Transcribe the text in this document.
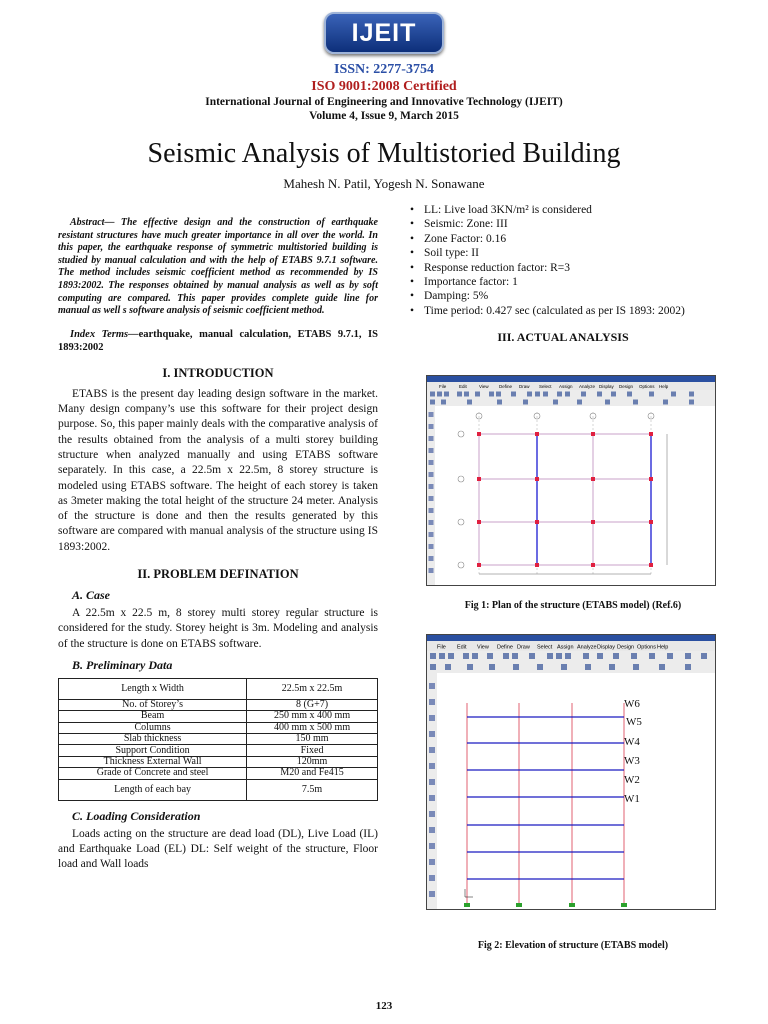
IJEIT
ISSN: 2277-3754
ISO 9001:2008 Certified
International Journal of Engineering and Innovative Technology (IJEIT)
Volume 4, Issue 9, March 2015
Seismic Analysis of Multistoried Building
Mahesh N. Patil, Yogesh N. Sonawane

Abstract— The effective design and the construction of earthquake resistant structures have much greater importance in all over the world. In this paper, the earthquake response of symmetric multistoried building is studied by manual calculation and with the help of ETABS 9.7.1 software. The method includes seismic coefficient method as recommended by IS 1893:2002. The responses obtained by manual analysis as well as by soft computing are compared. This paper provides complete guide line for manual as well s software analysis of seismic coefficient method.

Index Terms—earthquake, manual calculation, ETABS 9.7.1, IS 1893:2002

I. INTRODUCTION

ETABS is the present day leading design software in the market. Many design company’s use this software for their project design purpose. So, this paper mainly deals with the comparative analysis of the results obtained from the analysis of a multi storey building structure when analyzed manually and using ETABS software separately. In this case, a 22.5m x 22.5m, 8 storey structure is modeled using ETABS software. The height of each storey is taken as 3meter making the total height of the structure 24 meter. Analysis of the structure is done and then the results generated by this software are compared with manual analysis of the structure using IS 1893:2002.

II. PROBLEM DEFINATION
A. Case

A 22.5m x 22.5 m, 8 storey multi storey regular structure is considered for the study. Storey height is 3m. Modeling and analysis of the structure is done on ETABS software.

B. Preliminary Data
Length x Width	22.5m x 22.5m
No. of Storey’s	8 (G+7)
Beam	250 mm x 400 mm
Columns	400 mm x 500 mm
Slab thickness	150 mm
Support Condition	Fixed
Thickness External Wall	120mm
Grade of Concrete and steel	M20 and Fe415
Length of each bay	7.5m
C. Loading Consideration

Loads acting on the structure are dead load (DL), Live Load (IL) and Earthquake Load (EL) DL: Self weight of the structure, Floor load and Wall loads

• LL: Live load 3KN/m² is considered
• Seismic: Zone: III
• Zone Factor: 0.16
• Soil type: II
• Response reduction factor: R=3
• Importance factor: 1
• Damping: 5%
• Time period: 0.427 sec (calculated as per IS 1893: 2002)
III. ACTUAL ANALYSIS
File	Edit	View Define Draw Select Assign Analyze Display Design Options Help
Fig 1: Plan of the structure (ETABS model) (Ref.6)
File Edit View Define Draw Select Assign Analyze Display Design Options Help
W6
W5
W4
W3
W2
W1
Fig 2: Elevation of structure (ETABS model)
123
